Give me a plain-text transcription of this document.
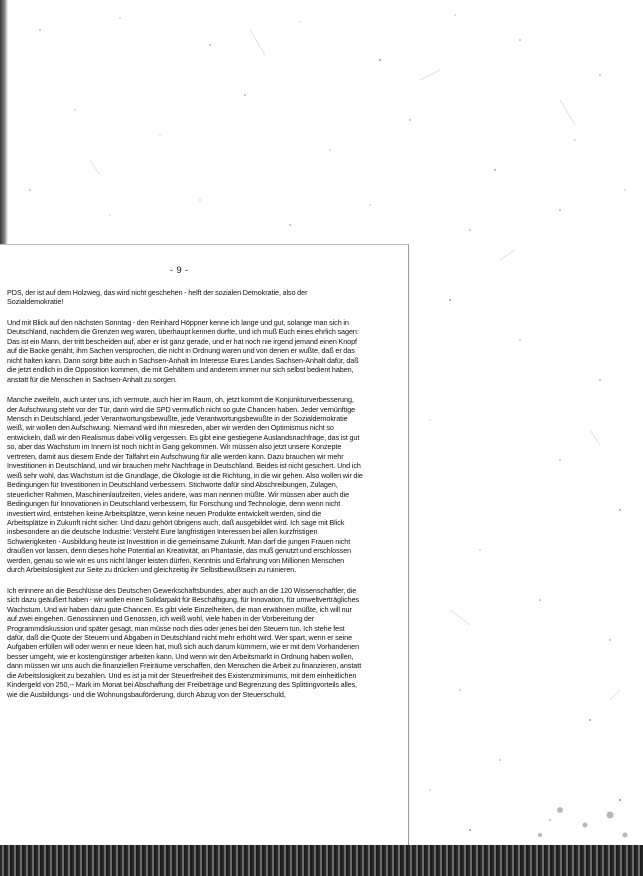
- 9 -

PDS, der ist auf dem Holzweg, das wird nicht geschehen - helft der sozialen Demokratie, also der Sozialdemokratie!

Und mit Blick auf den nächsten Sonntag - den Reinhard Höppner kenne ich lange und gut, solange man sich in Deutschland, nachdem die Grenzen weg waren, überhaupt kennen durfte, und ich muß Euch eines ehrlich sagen: Das ist ein Mann, der tritt bescheiden auf, aber er ist ganz gerade, und er hat noch nie irgend jemand einen Knopf auf die Backe genäht, ihm Sachen versprochen, die nicht in Ordnung waren und von denen er wußte, daß er das nicht halten kann. Dann sorgt bitte auch in Sachsen-Anhalt im Interesse Eures Landes Sachsen-Anhalt dafür, daß die jetzt endlich in die Opposition kommen, die mit Gehältern und anderem immer nur sich selbst bedient haben, anstatt für die Menschen in Sachsen-Anhalt zu sorgen.

Manche zweifeln, auch unter uns, ich vermute, auch hier im Raum, oh, jetzt kommt die Konjunkturverbesserung, der Aufschwung steht vor der Tür, dann wird die SPD vermutlich nicht so gute Chancen haben. Jeder vernünftige Mensch in Deutschland, jeder Verantwortungsbewußte, jede Verantwortungsbewußte in der Sozialdemokratie weiß, wir wollen den Aufschwung. Niemand wird ihn miesreden, aber wir werden den Optimismus nicht so entwickeln, daß wir den Realismus dabei völlig vergessen. Es gibt eine gestiegene Auslandsnachfrage, das ist gut so, aber das Wachstum im Innern ist noch nicht in Gang gekommen. Wir müssen also jetzt unsere Konzepte vertreten, damit aus diesem Ende der Talfahrt ein Aufschwung für alle werden kann. Dazu brauchen wir mehr Investitionen in Deutschland, und wir brauchen mehr Nachfrage in Deutschland. Beides ist nicht gesichert. Und ich weiß sehr wohl, das Wachstum ist die Grundlage, die Ökologie ist die Richtung, in die wir gehen. Also wollen wir die Bedingungen für Investitionen in Deutschland verbessern. Stichworte dafür sind Abschreibungen, Zulagen, steuerlicher Rahmen, Maschinenlaufzeiten, vieles andere, was man nennen müßte. Wir müssen aber auch die Bedingungen für Innovationen in Deutschland verbessern, für Forschung und Technologie, denn wenn nicht investiert wird, entstehen keine Arbeitsplätze, wenn keine neuen Produkte entwickelt werden, sind die Arbeitsplätze in Zukunft nicht sicher. Und dazu gehört übrigens auch, daß ausgebildet wird. Ich sage mit Blick insbesondere an die deutsche Industrie: Versteht Eure langfristigen Interessen bei allen kurzfristigen Schwierigkeiten - Ausbildung heute ist Investition in die gemeinsame Zukunft. Man darf die jungen Frauen nicht draußen vor lassen, denn dieses hohe Potential an Kreativität, an Phantasie, das muß genutzt und erschlossen werden, genau so wie wir es uns nicht länger leisten dürfen, Kenntnis und Erfahrung von Millionen Menschen durch Arbeitslosigkeit zur Seite zu drücken und gleichzeitig ihr Selbstbewußtsein zu ruinieren.

Ich erinnere an die Beschlüsse des Deutschen Gewerkschaftsbundes, aber auch an die 120 Wissenschaftler, die sich dazu geäußert haben - wir wollen einen Solidarpakt für Beschäftigung, für Innovation, für umweltverträgliches Wachstum. Und wir haben dazu gute Chancen. Es gibt viele Einzelheiten, die man erwähnen müßte, ich will nur auf zwei eingehen. Genossinnen und Genossen, ich weiß wohl, viele haben in der Vorbereitung der Programmdiskussion und später gesagt, man müsse noch dies oder jenes bei den Steuern tun. Ich stehe fest dafür, daß die Quote der Steuern und Abgaben in Deutschland nicht mehr erhöht wird. Wer spart, wenn er seine Aufgaben erfüllen will oder wenn er neue Ideen hat, muß sich auch darum kümmern, wie er mit dem Vorhandenen besser umgeht, wie er kostengünstiger arbeiten kann. Und wenn wir den Arbeitsmarkt in Ordnung haben wollen, dann müssen wir uns auch die finanziellen Freiräume verschaffen, den Menschen die Arbeit zu finanzieren, anstatt die Arbeitslosigkeit zu bezahlen. Und es ist ja mit der Steuerfreiheit des Existenzminimums, mit dem einheitlichen Kindergeld von 250,-- Mark im Monat bei Abschaffung der Freibeträge und Begrenzung des Splittingvorteils alles, wie die Ausbildungs- und die Wohnungsbauförderung, durch Abzug von der Steuerschuld,
